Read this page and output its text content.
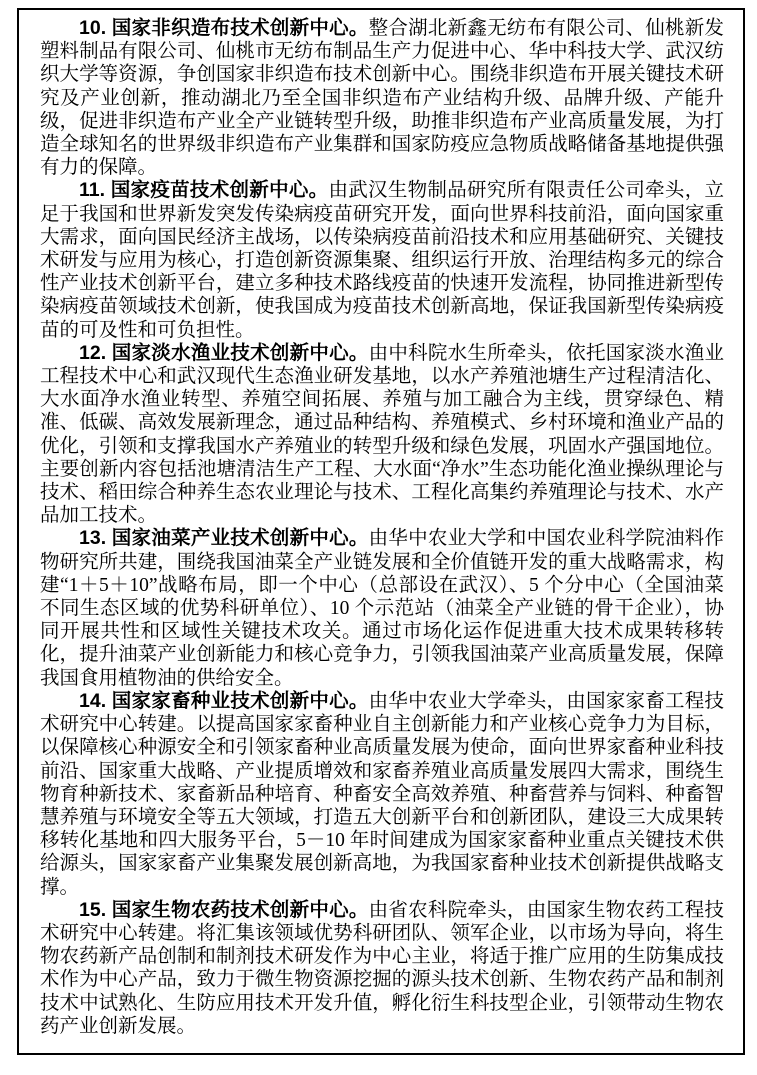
10. 国家非织造布技术创新中心。整合湖北新鑫无纺布有限公司、仙桃新发塑料制品有限公司、仙桃市无纺布制品生产力促进中心、华中科技大学、武汉纺织大学等资源，争创国家非织造布技术创新中心。围绕非织造布开展关键技术研究及产业创新，推动湖北乃至全国非织造布产业结构升级、品牌升级、产能升级，促进非织造布产业全产业链转型升级，助推非织造布产业高质量发展，为打造全球知名的世界级非织造布产业集群和国家防疫应急物质战略储备基地提供强有力的保障。

11. 国家疫苗技术创新中心。由武汉生物制品研究所有限责任公司牵头，立足于我国和世界新发突发传染病疫苗研究开发，面向世界科技前沿，面向国家重大需求，面向国民经济主战场，以传染病疫苗前沿技术和应用基础研究、关键技术研发与应用为核心，打造创新资源集聚、组织运行开放、治理结构多元的综合性产业技术创新平台，建立多种技术路线疫苗的快速开发流程，协同推进新型传染病疫苗领域技术创新，使我国成为疫苗技术创新高地，保证我国新型传染病疫苗的可及性和可负担性。

12. 国家淡水渔业技术创新中心。由中科院水生所牵头，依托国家淡水渔业工程技术中心和武汉现代生态渔业研发基地，以水产养殖池塘生产过程清洁化、大水面净水渔业转型、养殖空间拓展、养殖与加工融合为主线，贯穿绿色、精准、低碳、高效发展新理念，通过品种结构、养殖模式、乡村环境和渔业产品的优化，引领和支撑我国水产养殖业的转型升级和绿色发展，巩固水产强国地位。主要创新内容包括池塘清洁生产工程、大水面“净水”生态功能化渔业操纵理论与技术、稻田综合种养生态农业理论与技术、工程化高集约养殖理论与技术、水产品加工技术。

13. 国家油菜产业技术创新中心。由华中农业大学和中国农业科学院油料作物研究所共建，围绕我国油菜全产业链发展和全价值链开发的重大战略需求，构建“1＋5＋10”战略布局，即一个中心（总部设在武汉）、5 个分中心（全国油菜不同生态区域的优势科研单位）、10 个示范站（油菜全产业链的骨干企业），协同开展共性和区域性关键技术攻关。通过市场化运作促进重大技术成果转移转化，提升油菜产业创新能力和核心竞争力，引领我国油菜产业高质量发展，保障我国食用植物油的供给安全。

14. 国家家畜种业技术创新中心。由华中农业大学牵头，由国家家畜工程技术研究中心转建。以提高国家家畜种业自主创新能力和产业核心竞争力为目标，以保障核心种源安全和引领家畜种业高质量发展为使命，面向世界家畜种业科技前沿、国家重大战略、产业提质增效和家畜养殖业高质量发展四大需求，围绕生物育种新技术、家畜新品种培育、种畜安全高效养殖、种畜营养与饲料、种畜智慧养殖与环境安全等五大领域，打造五大创新平台和创新团队，建设三大成果转移转化基地和四大服务平台，5－10 年时间建成为国家家畜种业重点关键技术供给源头，国家家畜产业集聚发展创新高地，为我国家畜种业技术创新提供战略支撑。

15. 国家生物农药技术创新中心。由省农科院牵头，由国家生物农药工程技术研究中心转建。将汇集该领域优势科研团队、领军企业，以市场为导向，将生物农药新产品创制和制剂技术研发作为中心主业，将适于推广应用的生防集成技术作为中心产品，致力于微生物资源挖掘的源头技术创新、生物农药产品和制剂技术中试熟化、生防应用技术开发升值，孵化衍生科技型企业，引领带动生物农药产业创新发展。
